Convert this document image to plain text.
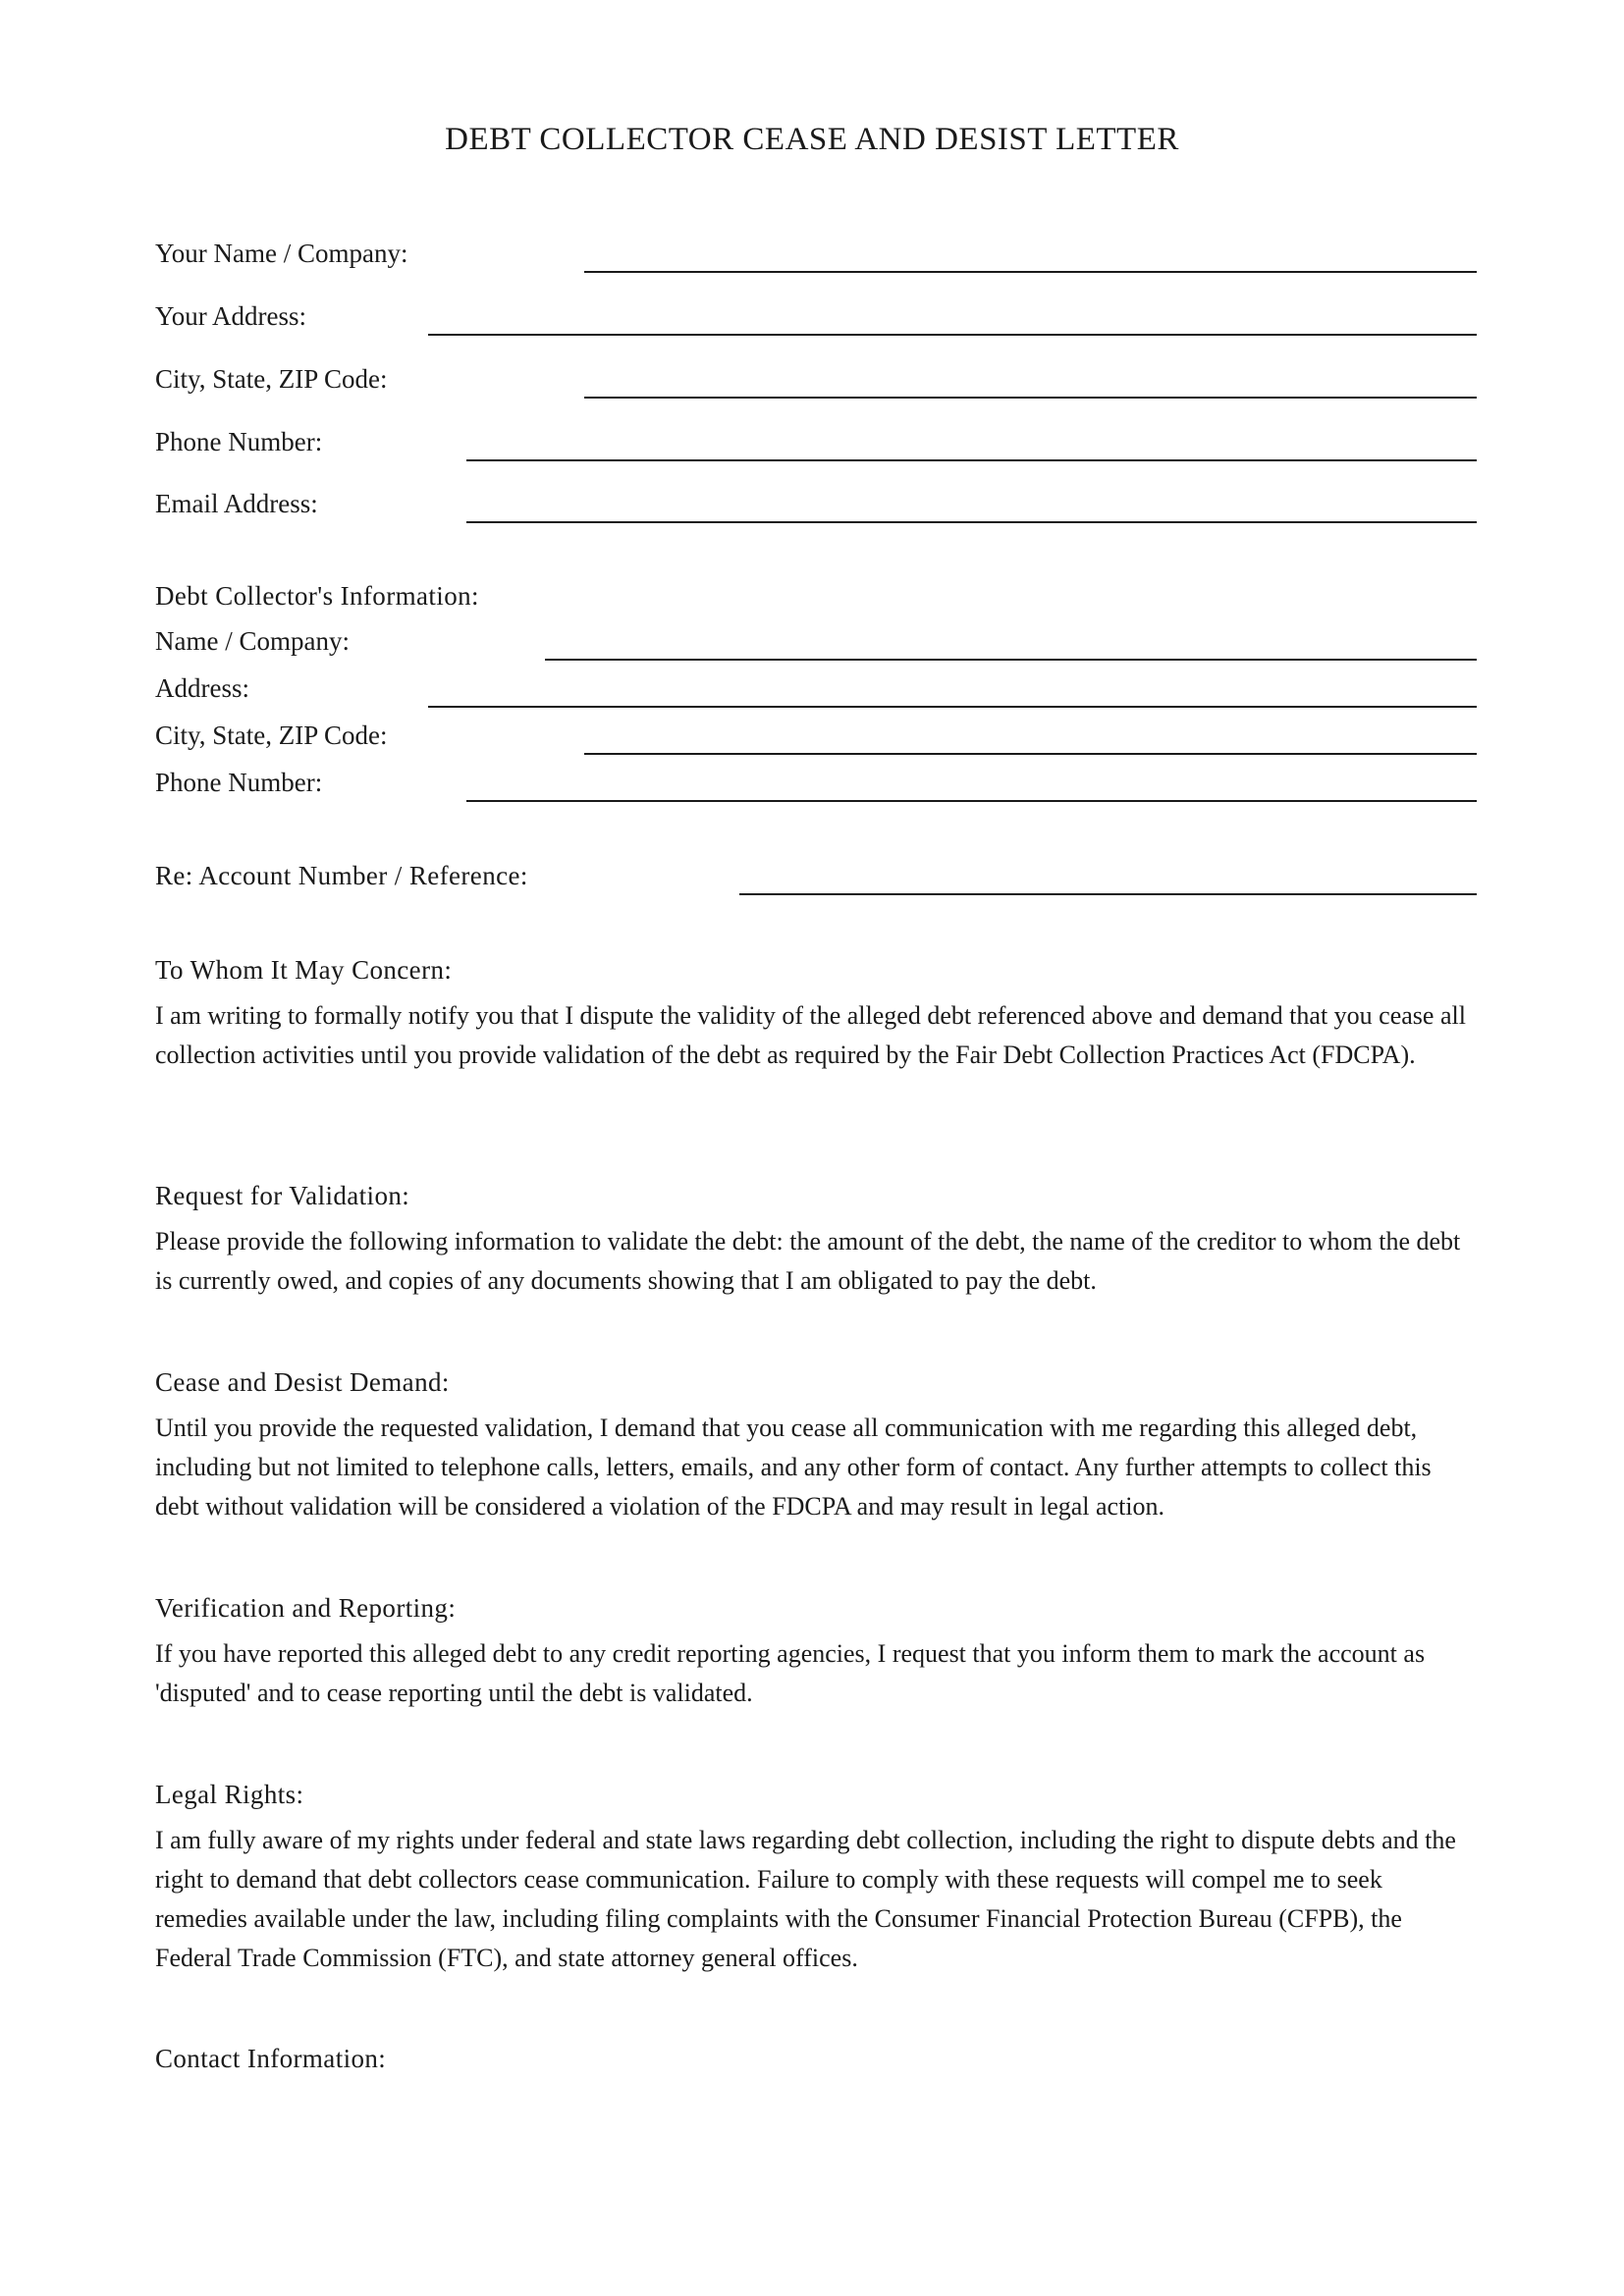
DEBT COLLECTOR CEASE AND DESIST LETTER
Your Name / Company:
Your Address:
City, State, ZIP Code:
Phone Number:
Email Address:
Debt Collector's Information:
Name / Company:
Address:
City, State, ZIP Code:
Phone Number:
Re: Account Number / Reference:
To Whom It May Concern:
I am writing to formally notify you that I dispute the validity of the alleged debt referenced above and demand that you cease all collection activities until you provide validation of the debt as required by the Fair Debt Collection Practices Act (FDCPA).
Request for Validation:
Please provide the following information to validate the debt: the amount of the debt, the name of the creditor to whom the debt is currently owed, and copies of any documents showing that I am obligated to pay the debt.
Cease and Desist Demand:
Until you provide the requested validation, I demand that you cease all communication with me regarding this alleged debt, including but not limited to telephone calls, letters, emails, and any other form of contact. Any further attempts to collect this debt without validation will be considered a violation of the FDCPA and may result in legal action.
Verification and Reporting:
If you have reported this alleged debt to any credit reporting agencies, I request that you inform them to mark the account as 'disputed' and to cease reporting until the debt is validated.
Legal Rights:
I am fully aware of my rights under federal and state laws regarding debt collection, including the right to dispute debts and the right to demand that debt collectors cease communication. Failure to comply with these requests will compel me to seek remedies available under the law, including filing complaints with the Consumer Financial Protection Bureau (CFPB), the Federal Trade Commission (FTC), and state attorney general offices.
Contact Information:
